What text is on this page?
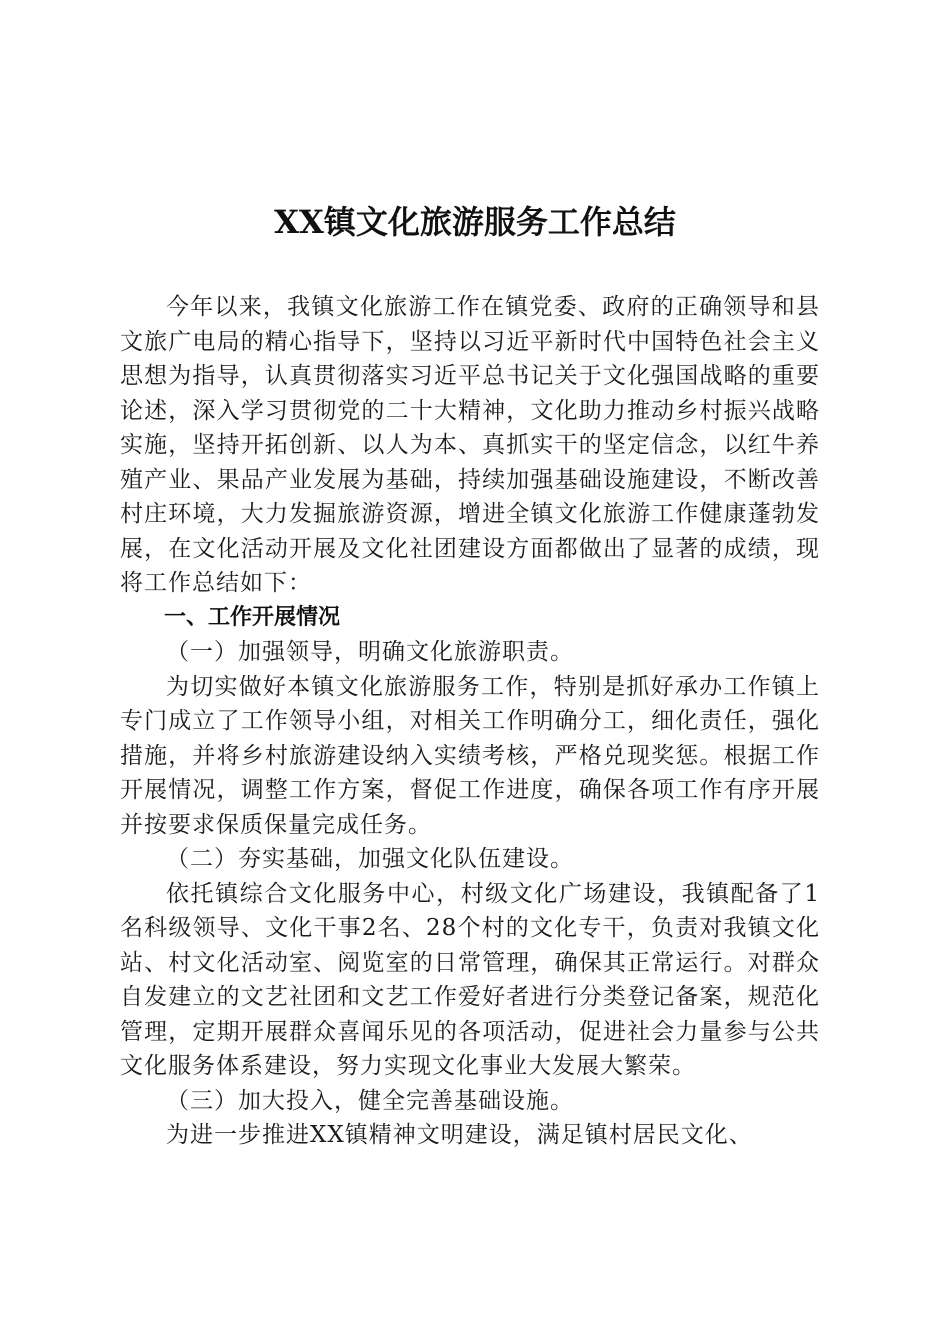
XX镇文化旅游服务工作总结

今年以来，我镇文化旅游工作在镇党委、政府的正确领导和县文旅广电局的精心指导下，坚持以习近平新时代中国特色社会主义思想为指导，认真贯彻落实习近平总书记关于文化强国战略的重要论述，深入学习贯彻党的二十大精神，文化助力推动乡村振兴战略实施，坚持开拓创新、以人为本、真抓实干的坚定信念，以红牛养殖产业、果品产业发展为基础，持续加强基础设施建设，不断改善村庄环境，大力发掘旅游资源，增进全镇文化旅游工作健康蓬勃发展，在文化活动开展及文化社团建设方面都做出了显著的成绩，现将工作总结如下：

一、工作开展情况

（一）加强领导，明确文化旅游职责。

为切实做好本镇文化旅游服务工作，特别是抓好承办工作镇上专门成立了工作领导小组，对相关工作明确分工，细化责任，强化措施，并将乡村旅游建设纳入实绩考核，严格兑现奖惩。根据工作开展情况，调整工作方案，督促工作进度，确保各项工作有序开展并按要求保质保量完成任务。

（二）夯实基础，加强文化队伍建设。

依托镇综合文化服务中心，村级文化广场建设，我镇配备了1名科级领导、文化干事2名、28个村的文化专干，负责对我镇文化站、村文化活动室、阅览室的日常管理，确保其正常运行。对群众自发建立的文艺社团和文艺工作爱好者进行分类登记备案，规范化管理，定期开展群众喜闻乐见的各项活动，促进社会力量参与公共文化服务体系建设，努力实现文化事业大发展大繁荣。

（三）加大投入，健全完善基础设施。

为进一步推进XX镇精神文明建设，满足镇村居民文化、
